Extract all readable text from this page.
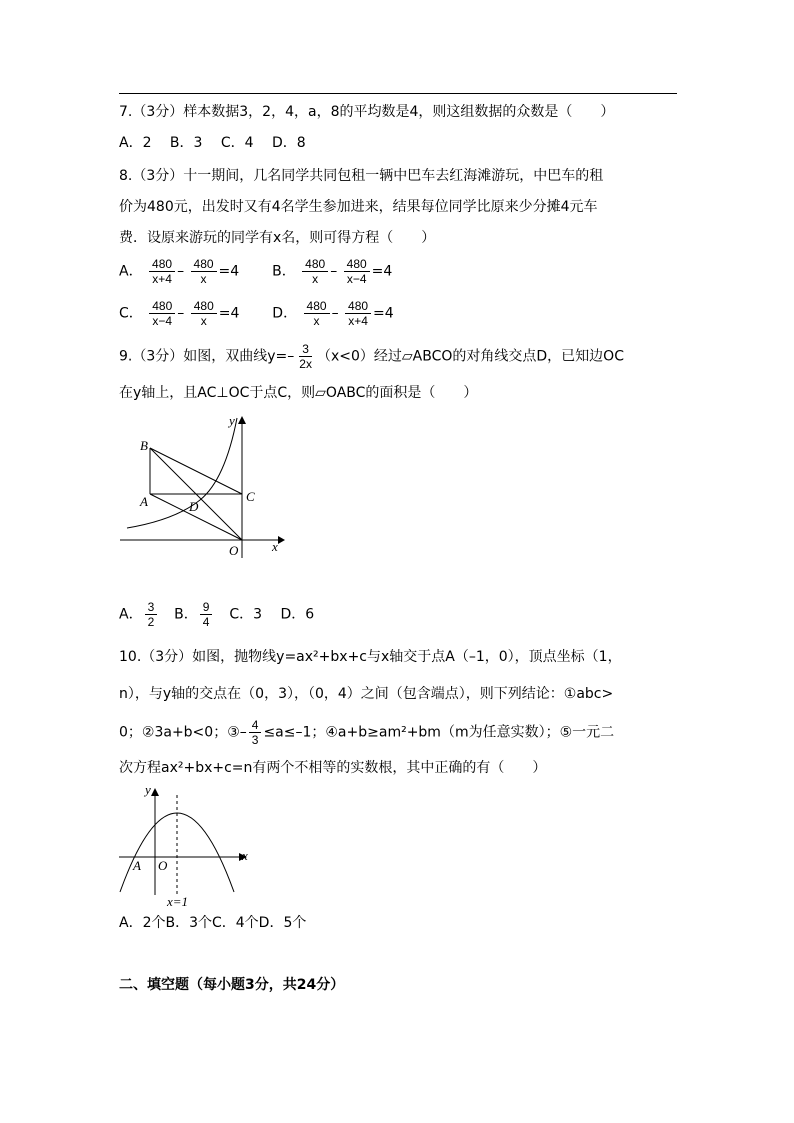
7.（3分）样本数据3，2，4，a，8的平均数是4，则这组数据的众数是（　　）
A．2　 B．3　 C．4　 D．8
8.（3分）十一期间，几名同学共同包租一辆中巴车去红海滩游玩，中巴车的租
价为480元，出发时又有4名学生参加进来，结果每位同学比原来少分摊4元车
费．设原来游玩的同学有x名，则可得方程（　　）
A． $\frac{480}{x+4} - \frac{480}{x} =4$ B． $\frac{480}{x} - \frac{480}{x-4} =4$
C． $\frac{480}{x-4} - \frac{480}{x} =4$ D． $\frac{480}{x} - \frac{480}{x+4} =4$
9.（3分）如图，双曲线$y=- \frac{3}{2x} (x<0)$经过▱ABCO的对角线交点D，已知边OC
在y轴上，且AC⊥OC于点C，则▱OABC的面积是（　　）
B
A	C
D
O	x
y
A． $\frac{3}{2}$ B． $\frac{9}{4}$ C．3　 D．6
10.（3分）如图，抛物线y=ax²+bx+c与x轴交于点A（–1，0），顶点坐标（1，
n），与y轴的交点在（0，3），（0，4）之间（包含端点），则下列结论：①abc>
0；②3a+b<0；③– $\frac{4}{3} \le a\le-1$；④a+b≥am²+bm（m为任意实数）；⑤一元二
次方程ax²+bx+c=n有两个不相等的实数根，其中正确的有（　　）
y
x
A O
x=1
A．2个B．3个C．4个D．5个
二、填空题（每小题3分，共24分）
